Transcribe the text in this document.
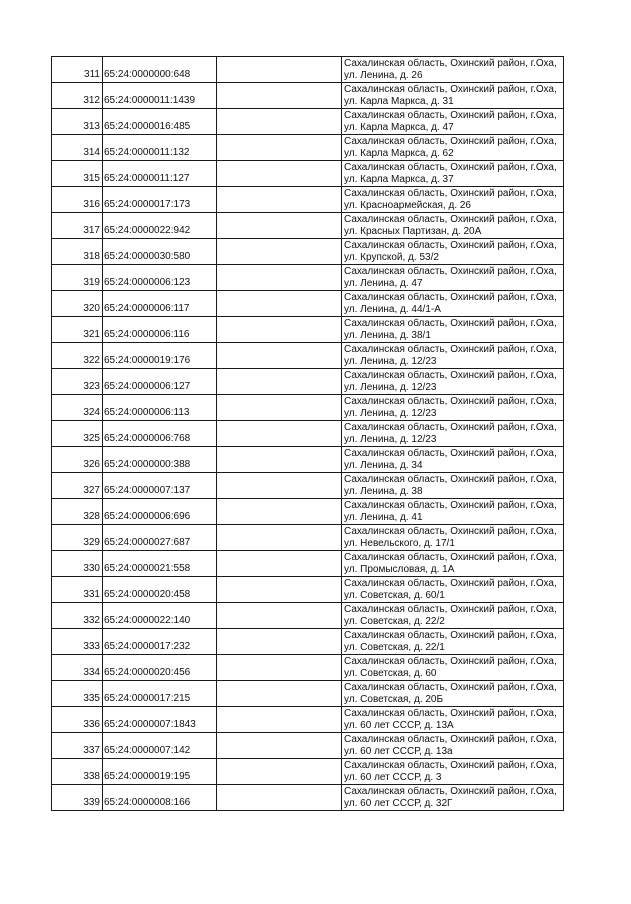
311	65:24:0000000:648		Сахалинская область, Охинский район, г.Оха,
ул. Ленина, д. 26

312	65:24:0000011:1439		Сахалинская область, Охинский район, г.Оха,
ул. Карла Маркса, д. 31

313	65:24:0000016:485		Сахалинская область, Охинский район, г.Оха,
ул. Карла Маркса, д. 47

314	65:24:0000011:132		Сахалинская область, Охинский район, г.Оха,
ул. Карла Маркса, д. 62

315	65:24:0000011:127		Сахалинская область, Охинский район, г.Оха,
ул. Карла Маркса, д. 37

316	65:24:0000017:173		Сахалинская область, Охинский район, г.Оха,
ул. Красноармейская, д. 26

317	65:24:0000022:942		Сахалинская область, Охинский район, г.Оха,
ул. Красных Партизан, д. 20А

318	65:24:0000030:580		Сахалинская область, Охинский район, г.Оха,
ул. Крупской, д. 53/2

319	65:24:0000006:123		Сахалинская область, Охинский район, г.Оха,
ул. Ленина, д. 47

320	65:24:0000006:117		Сахалинская область, Охинский район, г.Оха,
ул. Ленина, д. 44/1-А

321	65:24:0000006:116		Сахалинская область, Охинский район, г.Оха,
ул. Ленина, д. 38/1

322	65:24:0000019:176		Сахалинская область, Охинский район, г.Оха,
ул. Ленина, д. 12/23

323	65:24:0000006:127		Сахалинская область, Охинский район, г.Оха,
ул. Ленина, д. 12/23

324	65:24:0000006:113		Сахалинская область, Охинский район, г.Оха,
ул. Ленина, д. 12/23

325	65:24:0000006:768		Сахалинская область, Охинский район, г.Оха,
ул. Ленина, д. 12/23

326	65:24:0000000:388		Сахалинская область, Охинский район, г.Оха,
ул. Ленина, д. 34

327	65:24:0000007:137		Сахалинская область, Охинский район, г.Оха,
ул. Ленина, д. 38

328	65:24:0000006:696		Сахалинская область, Охинский район, г.Оха,
ул. Ленина, д. 41

329	65:24:0000027:687		Сахалинская область, Охинский район, г.Оха,
ул. Невельского, д. 17/1

330	65:24:0000021:558		Сахалинская область, Охинский район, г.Оха,
ул. Промысловая, д. 1А

331	65:24:0000020:458		Сахалинская область, Охинский район, г.Оха,
ул. Советская, д. 60/1

332	65:24:0000022:140		Сахалинская область, Охинский район, г.Оха,
ул. Советская, д. 22/2

333	65:24:0000017:232		Сахалинская область, Охинский район, г.Оха,
ул. Советская, д. 22/1

334	65:24:0000020:456		Сахалинская область, Охинский район, г.Оха,
ул. Советская, д. 60

335	65:24:0000017:215		Сахалинская область, Охинский район, г.Оха,
ул. Советская, д. 20Б

336	65:24:0000007:1843		Сахалинская область, Охинский район, г.Оха,
ул. 60 лет СССР, д. 13А

337	65:24:0000007:142		Сахалинская область, Охинский район, г.Оха,
ул. 60 лет СССР, д. 13а

338	65:24:0000019:195		Сахалинская область, Охинский район, г.Оха,
ул. 60 лет СССР, д. 3

339	65:24:0000008:166		Сахалинская область, Охинский район, г.Оха,
ул. 60 лет СССР, д. 32Г
